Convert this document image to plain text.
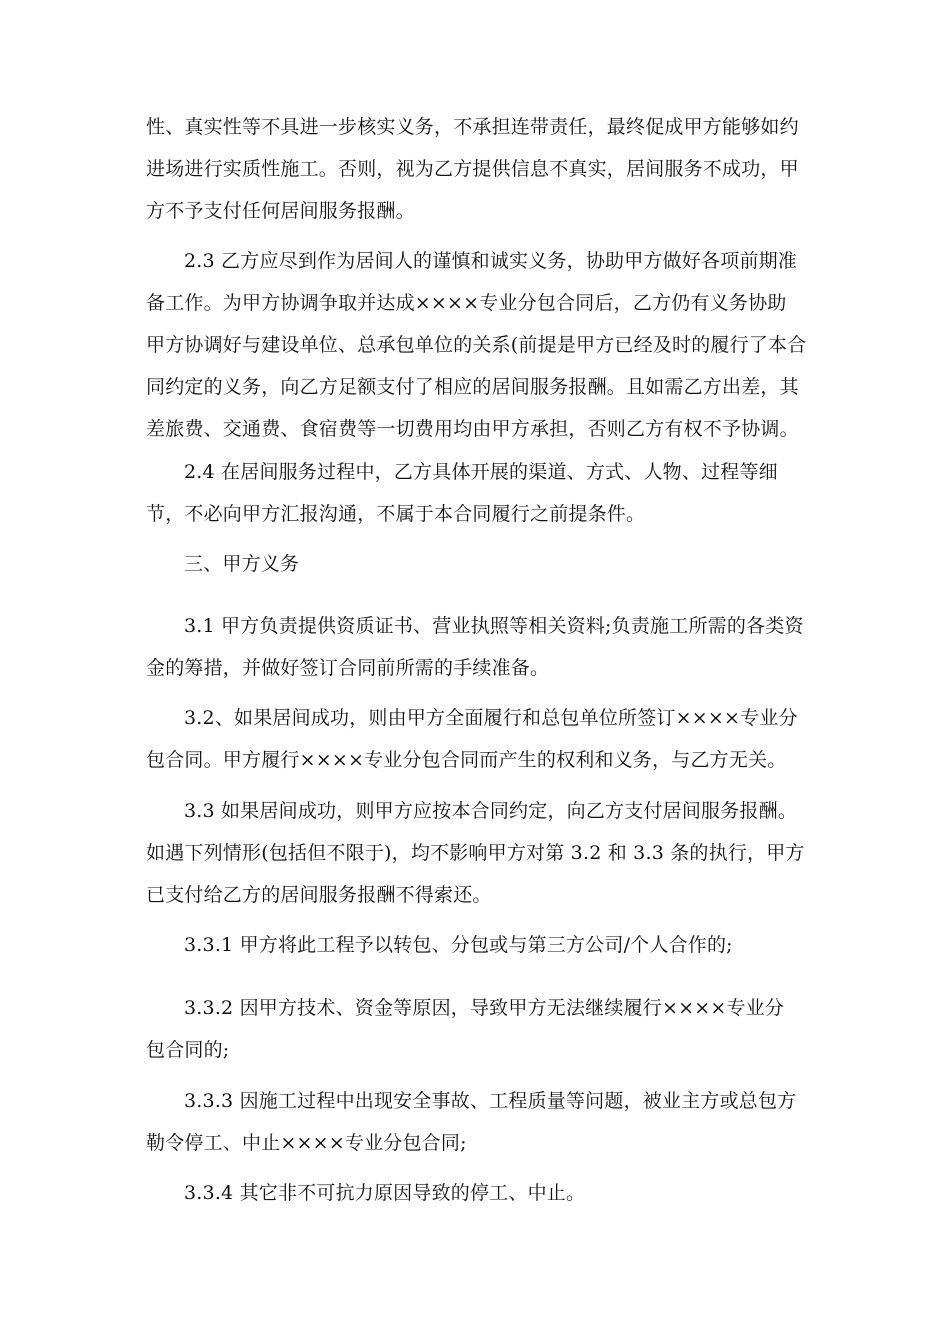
性、真实性等不具进一步核实义务，不承担连带责任，最终促成甲方能够如约
进场进行实质性施工。否则，视为乙方提供信息不真实，居间服务不成功，甲
方不予支付任何居间服务报酬。

2.3 乙方应尽到作为居间人的谨慎和诚实义务，协助甲方做好各项前期准
备工作。为甲方协调争取并达成××××专业分包合同后，乙方仍有义务协助
甲方协调好与建设单位、总承包单位的关系(前提是甲方已经及时的履行了本合
同约定的义务，向乙方足额支付了相应的居间服务报酬。且如需乙方出差，其
差旅费、交通费、食宿费等一切费用均由甲方承担，否则乙方有权不予协调。

2.4 在居间服务过程中，乙方具体开展的渠道、方式、人物、过程等细
节，不必向甲方汇报沟通，不属于本合同履行之前提条件。

三、甲方义务

3.1 甲方负责提供资质证书、营业执照等相关资料;负责施工所需的各类资
金的筹措，并做好签订合同前所需的手续准备。

3.2、如果居间成功，则由甲方全面履行和总包单位所签订××××专业分
包合同。甲方履行××××专业分包合同而产生的权利和义务，与乙方无关。

3.3 如果居间成功，则甲方应按本合同约定，向乙方支付居间服务报酬。
如遇下列情形(包括但不限于)，均不影响甲方对第 3.2 和 3.3 条的执行，甲方
已支付给乙方的居间服务报酬不得索还。

3.3.1 甲方将此工程予以转包、分包或与第三方公司/个人合作的;

3.3.2 因甲方技术、资金等原因，导致甲方无法继续履行××××专业分
包合同的;

3.3.3 因施工过程中出现安全事故、工程质量等问题，被业主方或总包方
勒令停工、中止××××专业分包合同;

3.3.4 其它非不可抗力原因导致的停工、中止。
